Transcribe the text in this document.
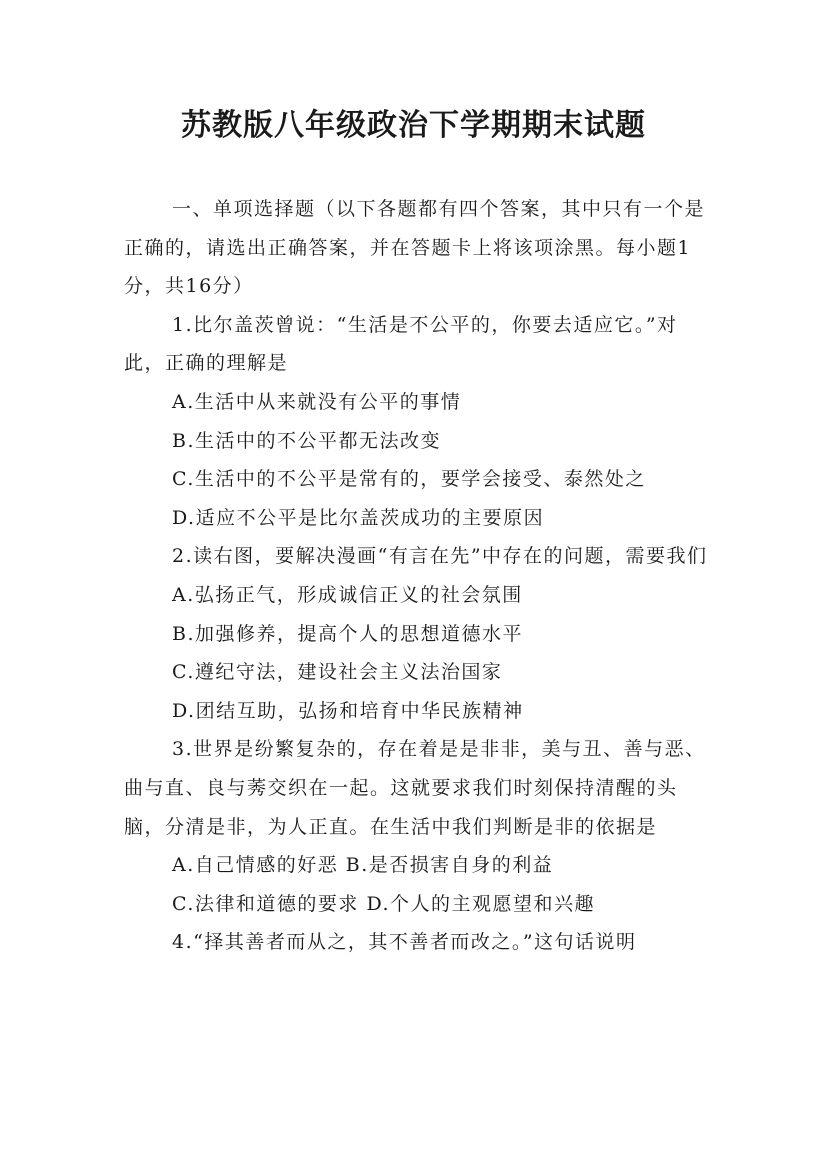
苏教版八年级政治下学期期末试题

一、单项选择题（以下各题都有四个答案，其中只有一个是正确的，请选出正确答案，并在答题卡上将该项涂黑。每小题1分，共16分）

1.比尔盖茨曾说：“生活是不公平的，你要去适应它。”对此，正确的理解是

A.生活中从来就没有公平的事情

B.生活中的不公平都无法改变

C.生活中的不公平是常有的，要学会接受、泰然处之

D.适应不公平是比尔盖茨成功的主要原因

2.读右图，要解决漫画“有言在先”中存在的问题，需要我们

A.弘扬正气，形成诚信正义的社会氛围

B.加强修养，提高个人的思想道德水平

C.遵纪守法，建设社会主义法治国家

D.团结互助，弘扬和培育中华民族精神

3.世界是纷繁复杂的，存在着是是非非，美与丑、善与恶、曲与直、良与莠交织在一起。这就要求我们时刻保持清醒的头脑，分清是非，为人正直。在生活中我们判断是非的依据是

A.自己情感的好恶 B.是否损害自身的利益

C.法律和道德的要求 D.个人的主观愿望和兴趣

4.“择其善者而从之，其不善者而改之。”这句话说明
